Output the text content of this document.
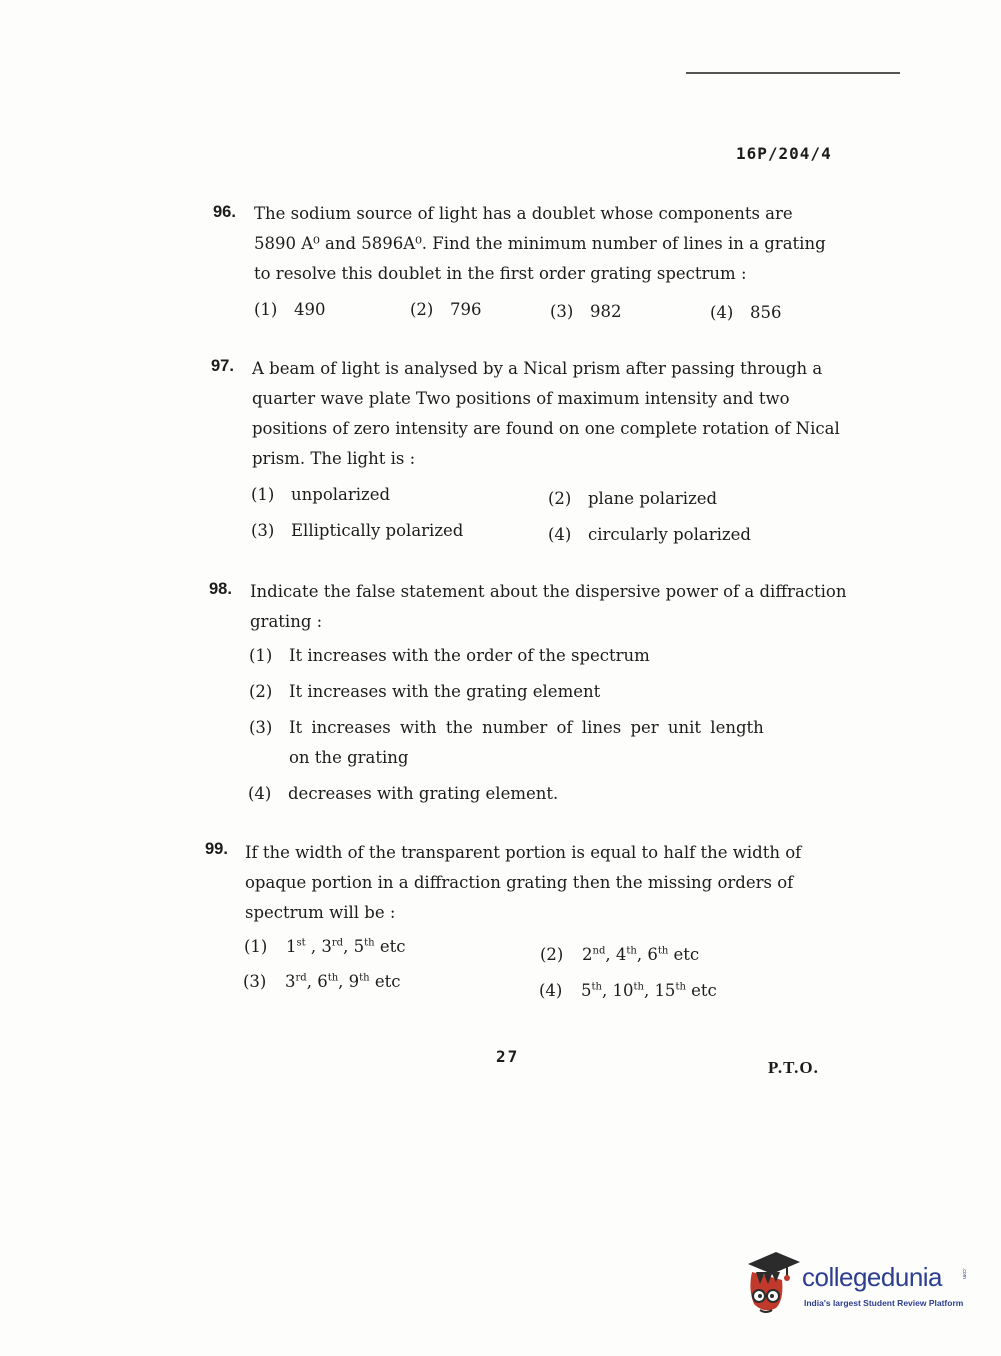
16P/204/4
96. The sodium source of light has a doublet whose components are
5890 A⁰ and 5896A⁰. Find the minimum number of lines in a grating
to resolve this doublet in the first order grating spectrum :
(1) 490	(2) 796	(3) 982	(4) 856
97. A beam of light is analysed by a Nical prism after passing through a
quarter wave plate Two positions of maximum intensity and two
positions of zero intensity are found on one complete rotation of Nical
prism. The light is :
(1) unpolarized	(2) plane polarized
(3) Elliptically polarized	(4) circularly polarized
98. Indicate the false statement about the dispersive power of a diffraction
grating :
(1) It increases with the order of the spectrum
(2) It increases with the grating element
(3) It increases with the number of lines per unit length
on the grating
(4) decreases with grating element.
99. If the width of the transparent portion is equal to half the width of
opaque portion in a diffraction grating then the missing orders of
spectrum will be :
(1) 1st , 3rd, 5th etc	(2) 2nd, 4th, 6th etc
(3) 3rd, 6th, 9th etc	(4) 5th, 10th, 15th etc
27
P.T.O.
collegedunia
India's largest Student Review Platform
.com
